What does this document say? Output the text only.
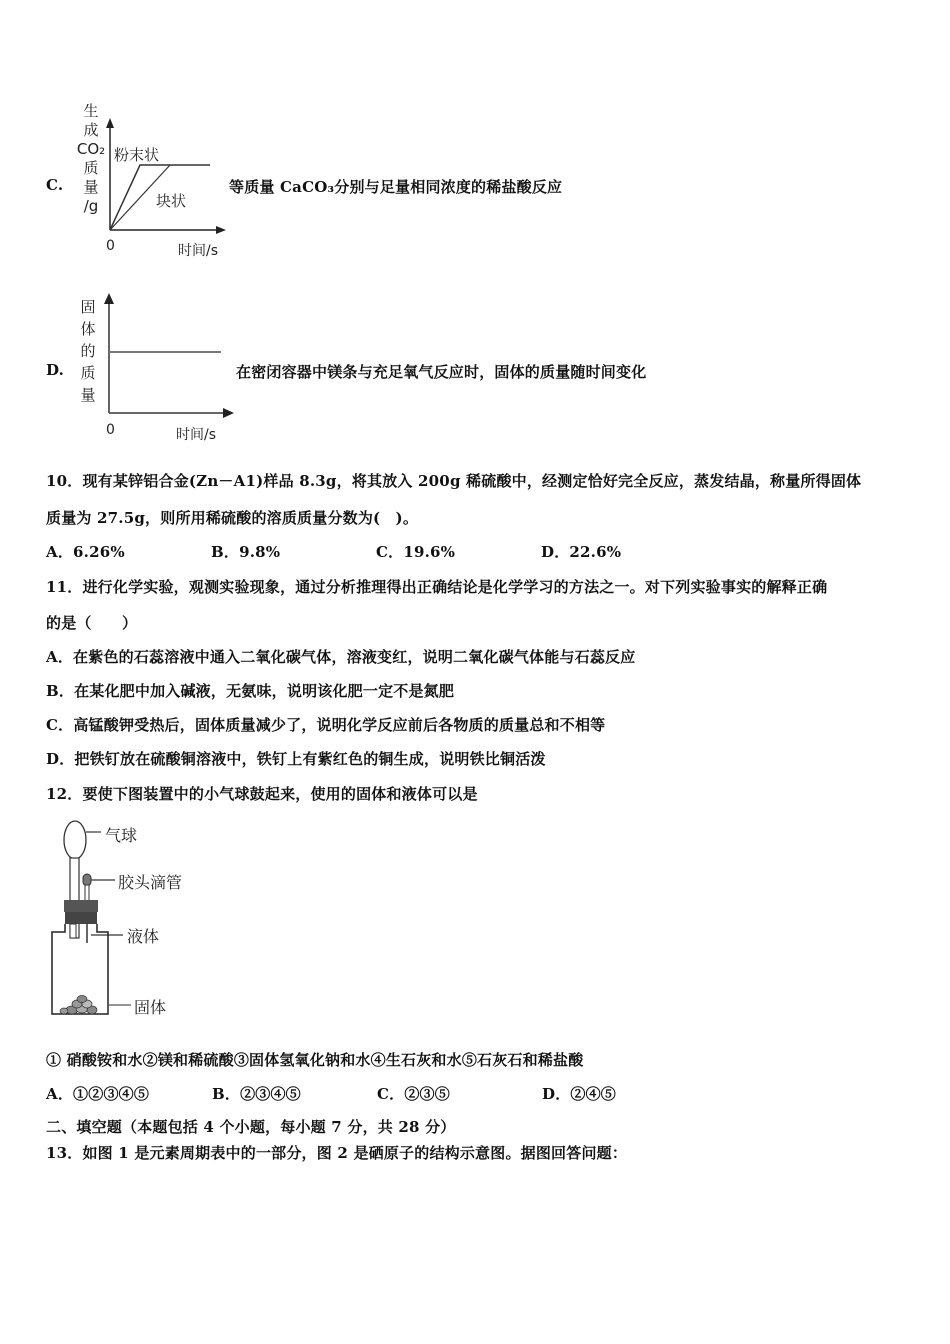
C.
生
成
CO₂
质
量
/g
粉末状
块状
0	时间/s
等质量 CaCO₃分别与足量相同浓度的稀盐酸反应
D.
固
体
的
质
量
0	时间/s
在密闭容器中镁条与充足氧气反应时，固体的质量随时间变化
10．现有某锌铝合金(Zn－A1)样品 8.3g，将其放入 200g 稀硫酸中，经测定恰好完全反应，蒸发结晶，称量所得固体
质量为 27.5g，则所用稀硫酸的溶质质量分数为(　)。
A．6.26%	B．9.8%	C．19.6%	D．22.6%
11．进行化学实验，观测实验现象，通过分析推理得出正确结论是化学学习的方法之一。对下列实验事实的解释正确
的是（　　）
A．在紫色的石蕊溶液中通入二氧化碳气体，溶液变红，说明二氧化碳气体能与石蕊反应
B．在某化肥中加入碱液，无氨味，说明该化肥一定不是氮肥
C．高锰酸钾受热后，固体质量减少了，说明化学反应前后各物质的质量总和不相等
D．把铁钉放在硫酸铜溶液中，铁钉上有紫红色的铜生成，说明铁比铜活泼
12．要使下图装置中的小气球鼓起来，使用的固体和液体可以是
气球
胶头滴管
液体
固体
① 硝酸铵和水②镁和稀硫酸③固体氢氧化钠和水④生石灰和水⑤石灰石和稀盐酸
A．①②③④⑤	B．②③④⑤	C．②③⑤	D．②④⑤
二、填空题（本题包括 4 个小题，每小题 7 分，共 28 分）
13．如图 1 是元素周期表中的一部分，图 2 是硒原子的结构示意图。据图回答问题：
